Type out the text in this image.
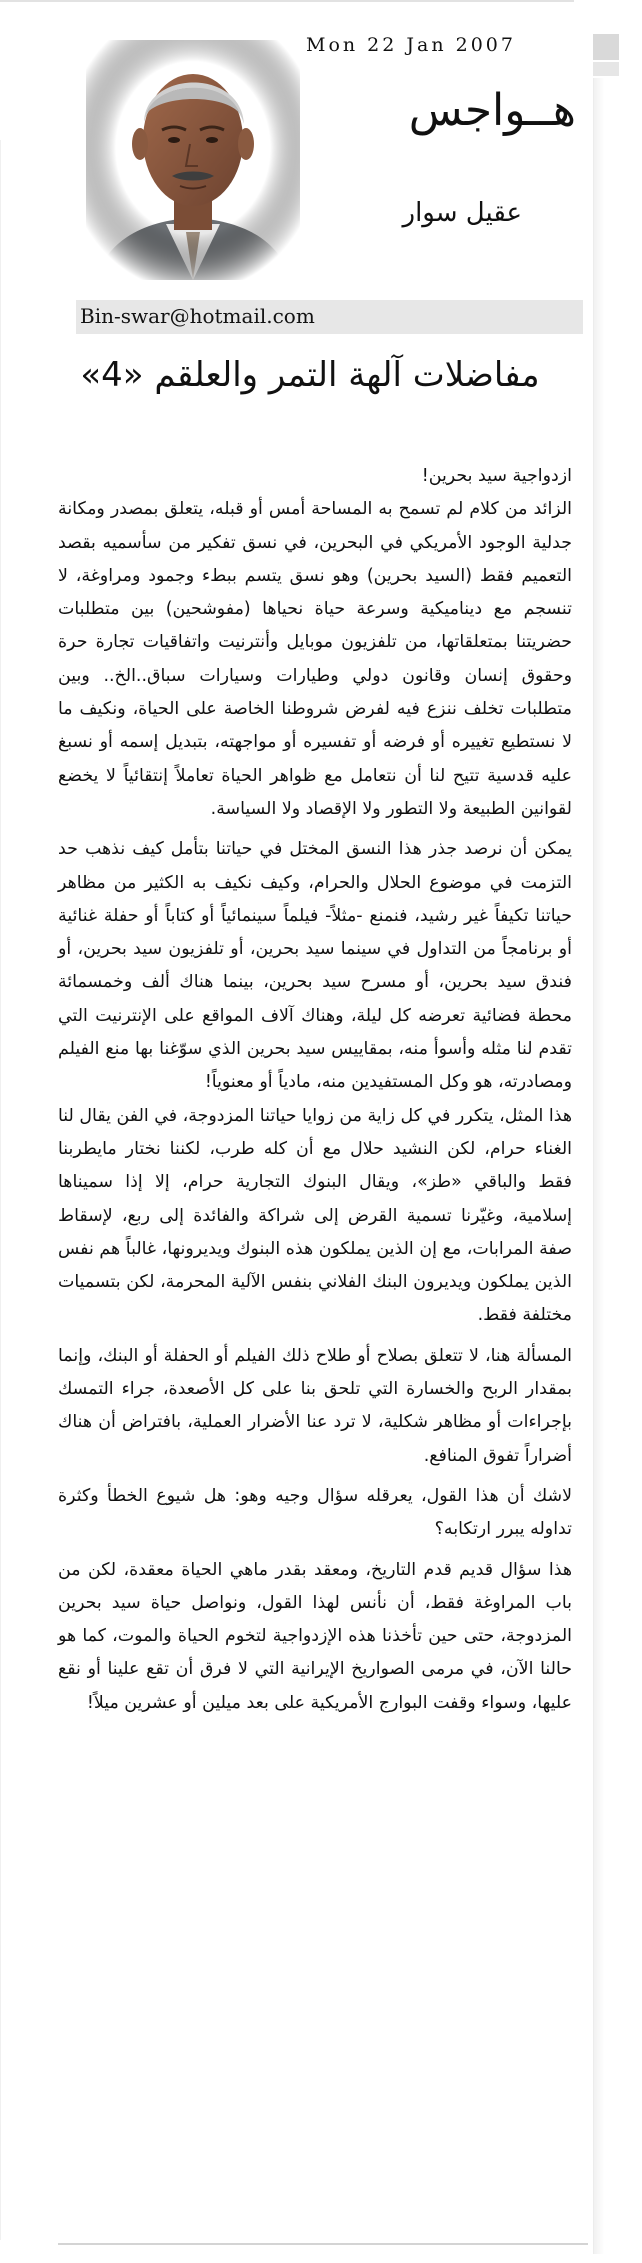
Mon 22 Jan 2007
هــواجس
عقيل سوار
Bin-swar@hotmail.com
مفاضلات آلهة التمر والعلقم «4»

ازدواجية سيد بحرين!

الزائد من كلام لم تسمح به المساحة أمس أو قبله، يتعلق بمصدر ومكانة جدلية الوجود الأمريكي في البحرين، في نسق تفكير من سأسميه بقصد التعميم فقط (السيد بحرين) وهو نسق يتسم ببطء وجمود ومراوغة، لا تنسجم مع ديناميكية وسرعة حياة نحياها (مفوشحين) بين متطلبات حضريتنا بمتعلقاتها، من تلفزيون موبايل وأنترنيت واتفاقيات تجارة حرة وحقوق إنسان وقانون دولي وطيارات وسيارات سباق..الخ.. وبين متطلبات تخلف ننزع فيه لفرض شروطنا الخاصة على الحياة، ونكيف ما لا نستطيع تغييره أو فرضه أو تفسيره أو مواجهته، بتبديل إسمه أو نسبغ عليه قدسية تتيح لنا أن نتعامل مع ظواهر الحياة تعاملاً إنتقائياً لا يخضع لقوانين الطبيعة ولا التطور ولا الإقصاد ولا السياسة.

يمكن أن نرصد جذر هذا النسق المختل في حياتنا بتأمل كيف نذهب حد التزمت في موضوع الحلال والحرام، وكيف نكيف به الكثير من مظاهر حياتنا تكيفاً غير رشيد، فنمنع -مثلاً- فيلماً سينمائياً أو كتاباً أو حفلة غنائية أو برنامجاً من التداول في سينما سيد بحرين، أو تلفزيون سيد بحرين، أو فندق سيد بحرين، أو مسرح سيد بحرين، بينما هناك ألف وخمسمائة محطة فضائية تعرضه كل ليلة، وهناك آلاف المواقع على الإنترنيت التي تقدم لنا مثله وأسوأ منه، بمقاييس سيد بحرين الذي سوّغنا بها منع الفيلم ومصادرته، هو وكل المستفيدين منه، مادياً أو معنوياً!

هذا المثل، يتكرر في كل زاية من زوايا حياتنا المزدوجة، في الفن يقال لنا الغناء حرام، لكن النشيد حلال مع أن كله طرب، لكننا نختار مايطربنا فقط والباقي «طز»، ويقال البنوك التجارية حرام، إلا إذا سميناها إسلامية، وغيّرنا تسمية القرض إلى شراكة والفائدة إلى ربع، لإسقاط صفة المرابات، مع إن الذين يملكون هذه البنوك ويديرونها، غالباً هم نفس الذين يملكون ويديرون البنك الفلاني بنفس الآلية المحرمة، لكن بتسميات مختلفة فقط.

المسألة هنا، لا تتعلق بصلاح أو طلاح ذلك الفيلم أو الحفلة أو البنك، وإنما بمقدار الربح والخسارة التي تلحق بنا على كل الأصعدة، جراء التمسك بإجراءات أو مظاهر شكلية، لا ترد عنا الأضرار العملية، بافتراض أن هناك أضراراً تفوق المنافع.

لاشك أن هذا القول، يعرقله سؤال وجيه وهو: هل شيوع الخطأ وكثرة تداوله يبرر ارتكابه؟

هذا سؤال قديم قدم التاريخ، ومعقد بقدر ماهي الحياة معقدة، لكن من باب المراوغة فقط، أن نأنس لهذا القول، ونواصل حياة سيد بحرين المزدوجة، حتى حين تأخذنا هذه الإزدواجية لتخوم الحياة والموت، كما هو حالنا الآن، في مرمى الصواريخ الإيرانية التي لا فرق أن تقع علينا أو نقع عليها، وسواء وقفت البوارج الأمريكية على بعد ميلين أو عشرين ميلاً!
